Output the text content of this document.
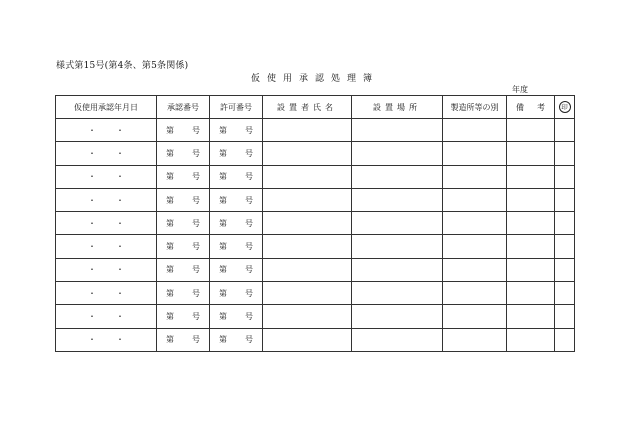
様式第15号(第4条、第5条関係)
仮使用承認処理簿
年度
仮使用承認年月日	承認番号	許可番号	設置者氏名	設置場所	製造所等の別	備 考	印
・ ・	第 号	第 号					

・ ・	第 号	第 号					

・ ・	第 号	第 号					

・ ・	第 号	第 号					

・ ・	第 号	第 号					

・ ・	第 号	第 号					

・ ・	第 号	第 号					

・ ・	第 号	第 号					

・ ・	第 号	第 号					

・ ・	第 号	第 号					
